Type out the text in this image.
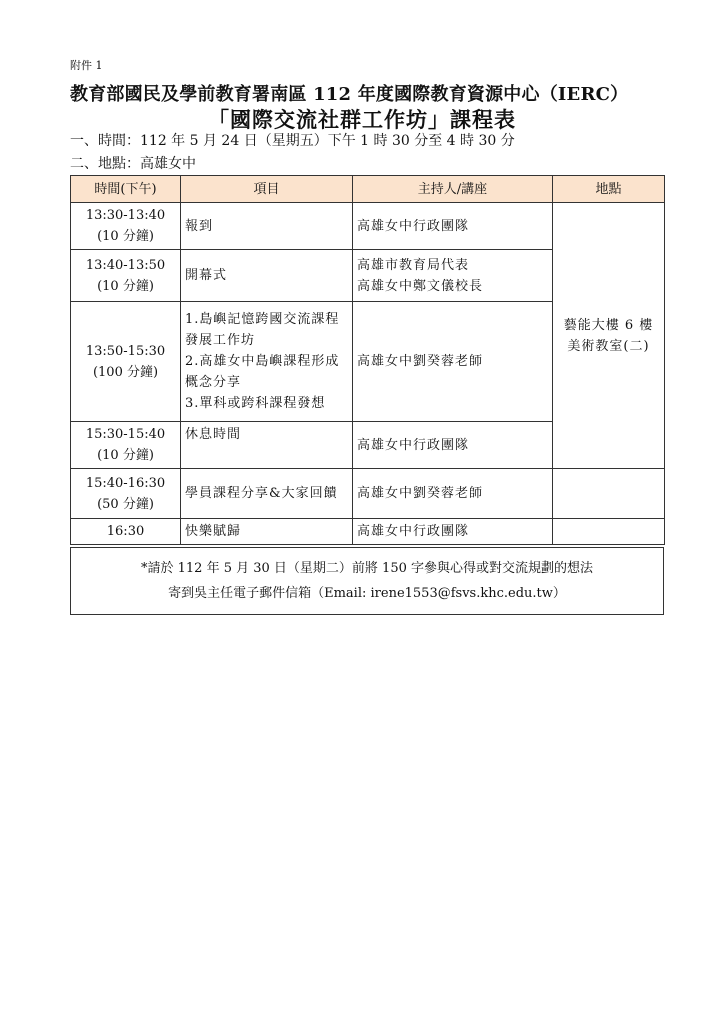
附件 1
教育部國民及學前教育署南區 112 年度國際教育資源中心（IERC）
「國際交流社群工作坊」課程表
一、時間：112 年 5 月 24 日（星期五）下午 1 時 30 分至 4 時 30 分
二、地點：高雄女中
時間(下午)	項目	主持人/講座	地點

13:30-13:40
(10 分鐘)	報到	高雄女中行政團隊	藝能大樓 6 樓
美術教室(二)

13:40-13:50
(10 分鐘)	開幕式	高雄市教育局代表
高雄女中鄭文儀校長	

13:50-15:30
(100 分鐘)	1.島嶼記憶跨國交流課程發展工作坊
2.高雄女中島嶼課程形成概念分享
3.單科或跨科課程發想	高雄女中劉癸蓉老師	

15:30-15:40
(10 分鐘)	休息時間	高雄女中行政團隊	

15:40-16:30
(50 分鐘)	學員課程分享&大家回饋	高雄女中劉癸蓉老師	
16:30	快樂賦歸	高雄女中行政團隊	
*請於 112 年 5 月 30 日（星期二）前將 150 字參與心得或對交流規劃的想法
寄到吳主任電子郵件信箱（Email: irene1553@fsvs.khc.edu.tw）
